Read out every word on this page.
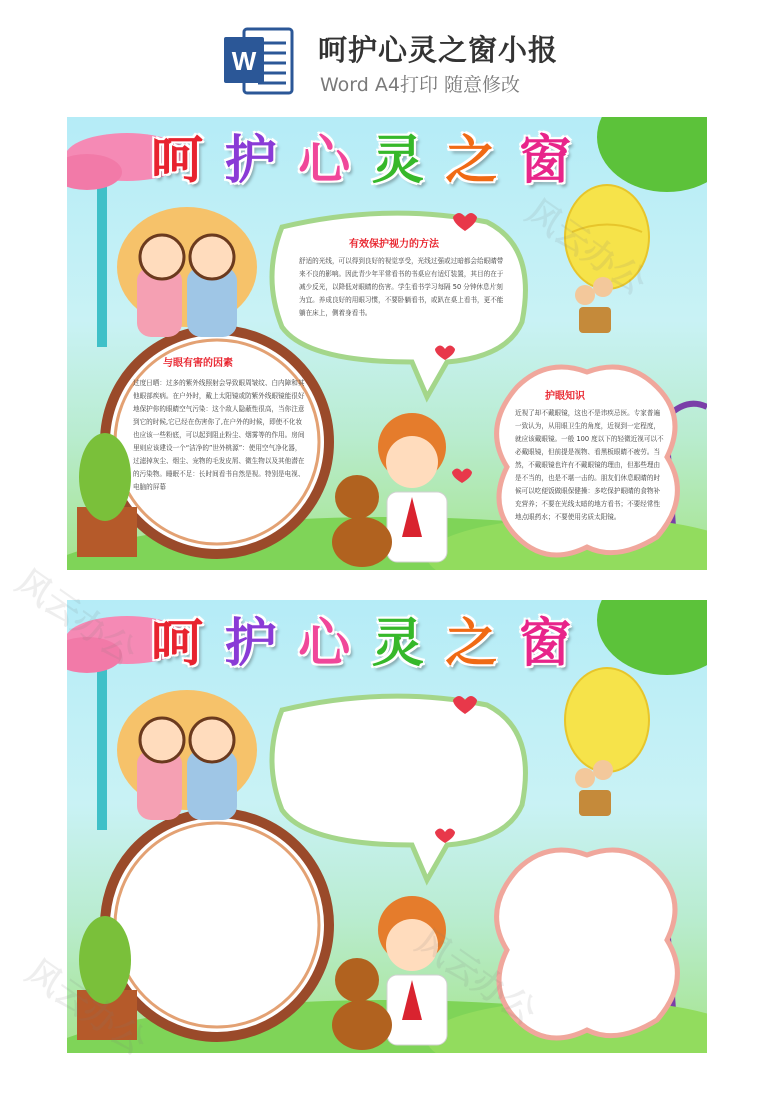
W 呵护心灵之窗小报
Word A4打印 随意修改
呵 护 心 灵 之 窗
与眼有害的因素
过度日晒：过多的紫外线照射会导致眼周皱纹、白内障和其他眼部疾病。在户外时，戴上太阳镜或防紫外线眼镜能很好地保护你的眼睛空气污染：这个敌人隐蔽性很高，当你注意到它的时候,它已经在伤害你了,在户外的时候，即使不化妆也应该一些粉底，可以起到阻止粉尘、烟雾等的作用。房间里则应该建设一个“洁净的”世外桃源”：使用空气净化器，过滤掉灰尘、烟尘、宠物的毛发皮屑、微生物以及其他潜在的污染物。睡眠不足：长时间看书自然是视。特别是电视、电脑的屏幕
有效保护视力的方法
舒适的光线，可以得到良好的视觉享受，光线过强或过暗都会给眼睛带来不良的影响。因此青少年平常看书的书桌应有适灯装置，其目的在于减少反光，以降低对眼睛的伤害。学生看书学习每隔 50 分钟休息片刻为宜。养成良好的用眼习惯，不要卧躺看书，或趴在桌上看书，更不能躺在床上，侧着身看书。
护眼知识
近视了却不戴眼镜，这也不是讳疾忌医。专家普遍一致认为，从用眼卫生的角度，近视到一定程度，就应该戴眼镜。一般 100 度以下的轻微近视可以不必戴眼镜，但前提是视物、看黑板眼睛不疲劳。当然，不戴眼镜也许有不戴眼镜的理由，但那些理由是不当的，也是不堪一击的。朋友们休息眼睛的时候可以吃便饭做眼保健操：多吃保护眼睛的食物补充营养；不要在光线太暗的地方看书；不要经常性地点眼药水；不要使用劣质太阳镜。
呵 护 心 灵 之 窗
